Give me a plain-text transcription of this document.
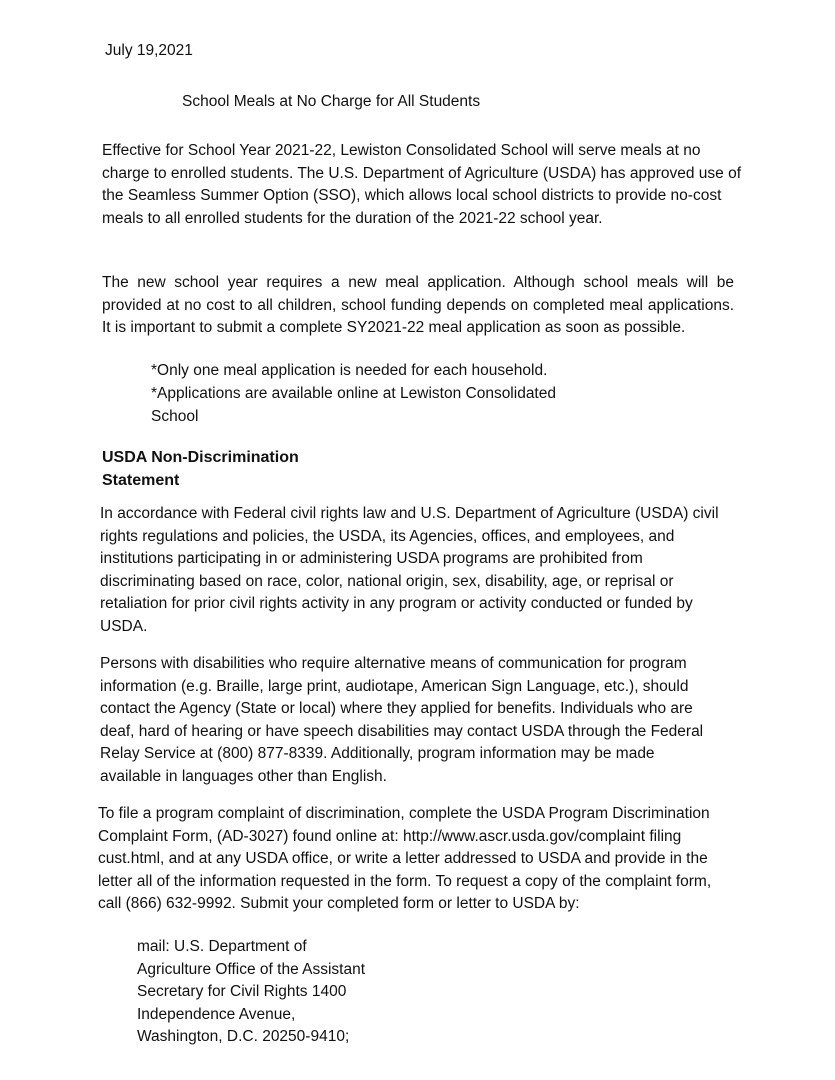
July 19,2021
School Meals at No Charge for All Students
Effective for School Year 2021-22, Lewiston Consolidated School will serve meals at no charge to enrolled students. The U.S. Department of Agriculture (USDA) has approved use of the Seamless Summer Option (SSO), which allows local school districts to provide no-cost meals to all enrolled students for the duration of the 2021-22 school year.
The new school year requires a new meal application. Although school meals will be provided at no cost to all children, school funding depends on completed meal applications. It is important to submit a complete SY2021-22 meal application as soon as possible.
*Only one meal application is needed for each household.
*Applications are available online at Lewiston Consolidated
School
USDA Non-Discrimination
Statement
In accordance with Federal civil rights law and U.S. Department of Agriculture (USDA) civil rights regulations and policies, the USDA, its Agencies, offices, and employees, and institutions participating in or administering USDA programs are prohibited from discriminating based on race, color, national origin, sex, disability, age, or reprisal or retaliation for prior civil rights activity in any program or activity conducted or funded by USDA.
Persons with disabilities who require alternative means of communication for program information (e.g. Braille, large print, audiotape, American Sign Language, etc.), should contact the Agency (State or local) where they applied for benefits. Individuals who are deaf, hard of hearing or have speech disabilities may contact USDA through the Federal Relay Service at (800) 877-8339. Additionally, program information may be made available in languages other than English.
To file a program complaint of discrimination, complete the USDA Program Discrimination Complaint Form, (AD-3027) found online at: http://www.ascr.usda.gov/complaint filing cust.html, and at any USDA office, or write a letter addressed to USDA and provide in the letter all of the information requested in the form. To request a copy of the complaint form, call (866) 632-9992. Submit your completed form or letter to USDA by:
mail: U.S. Department of
Agriculture Office of the Assistant
Secretary for Civil Rights 1400
Independence Avenue,
Washington, D.C. 20250-9410;
